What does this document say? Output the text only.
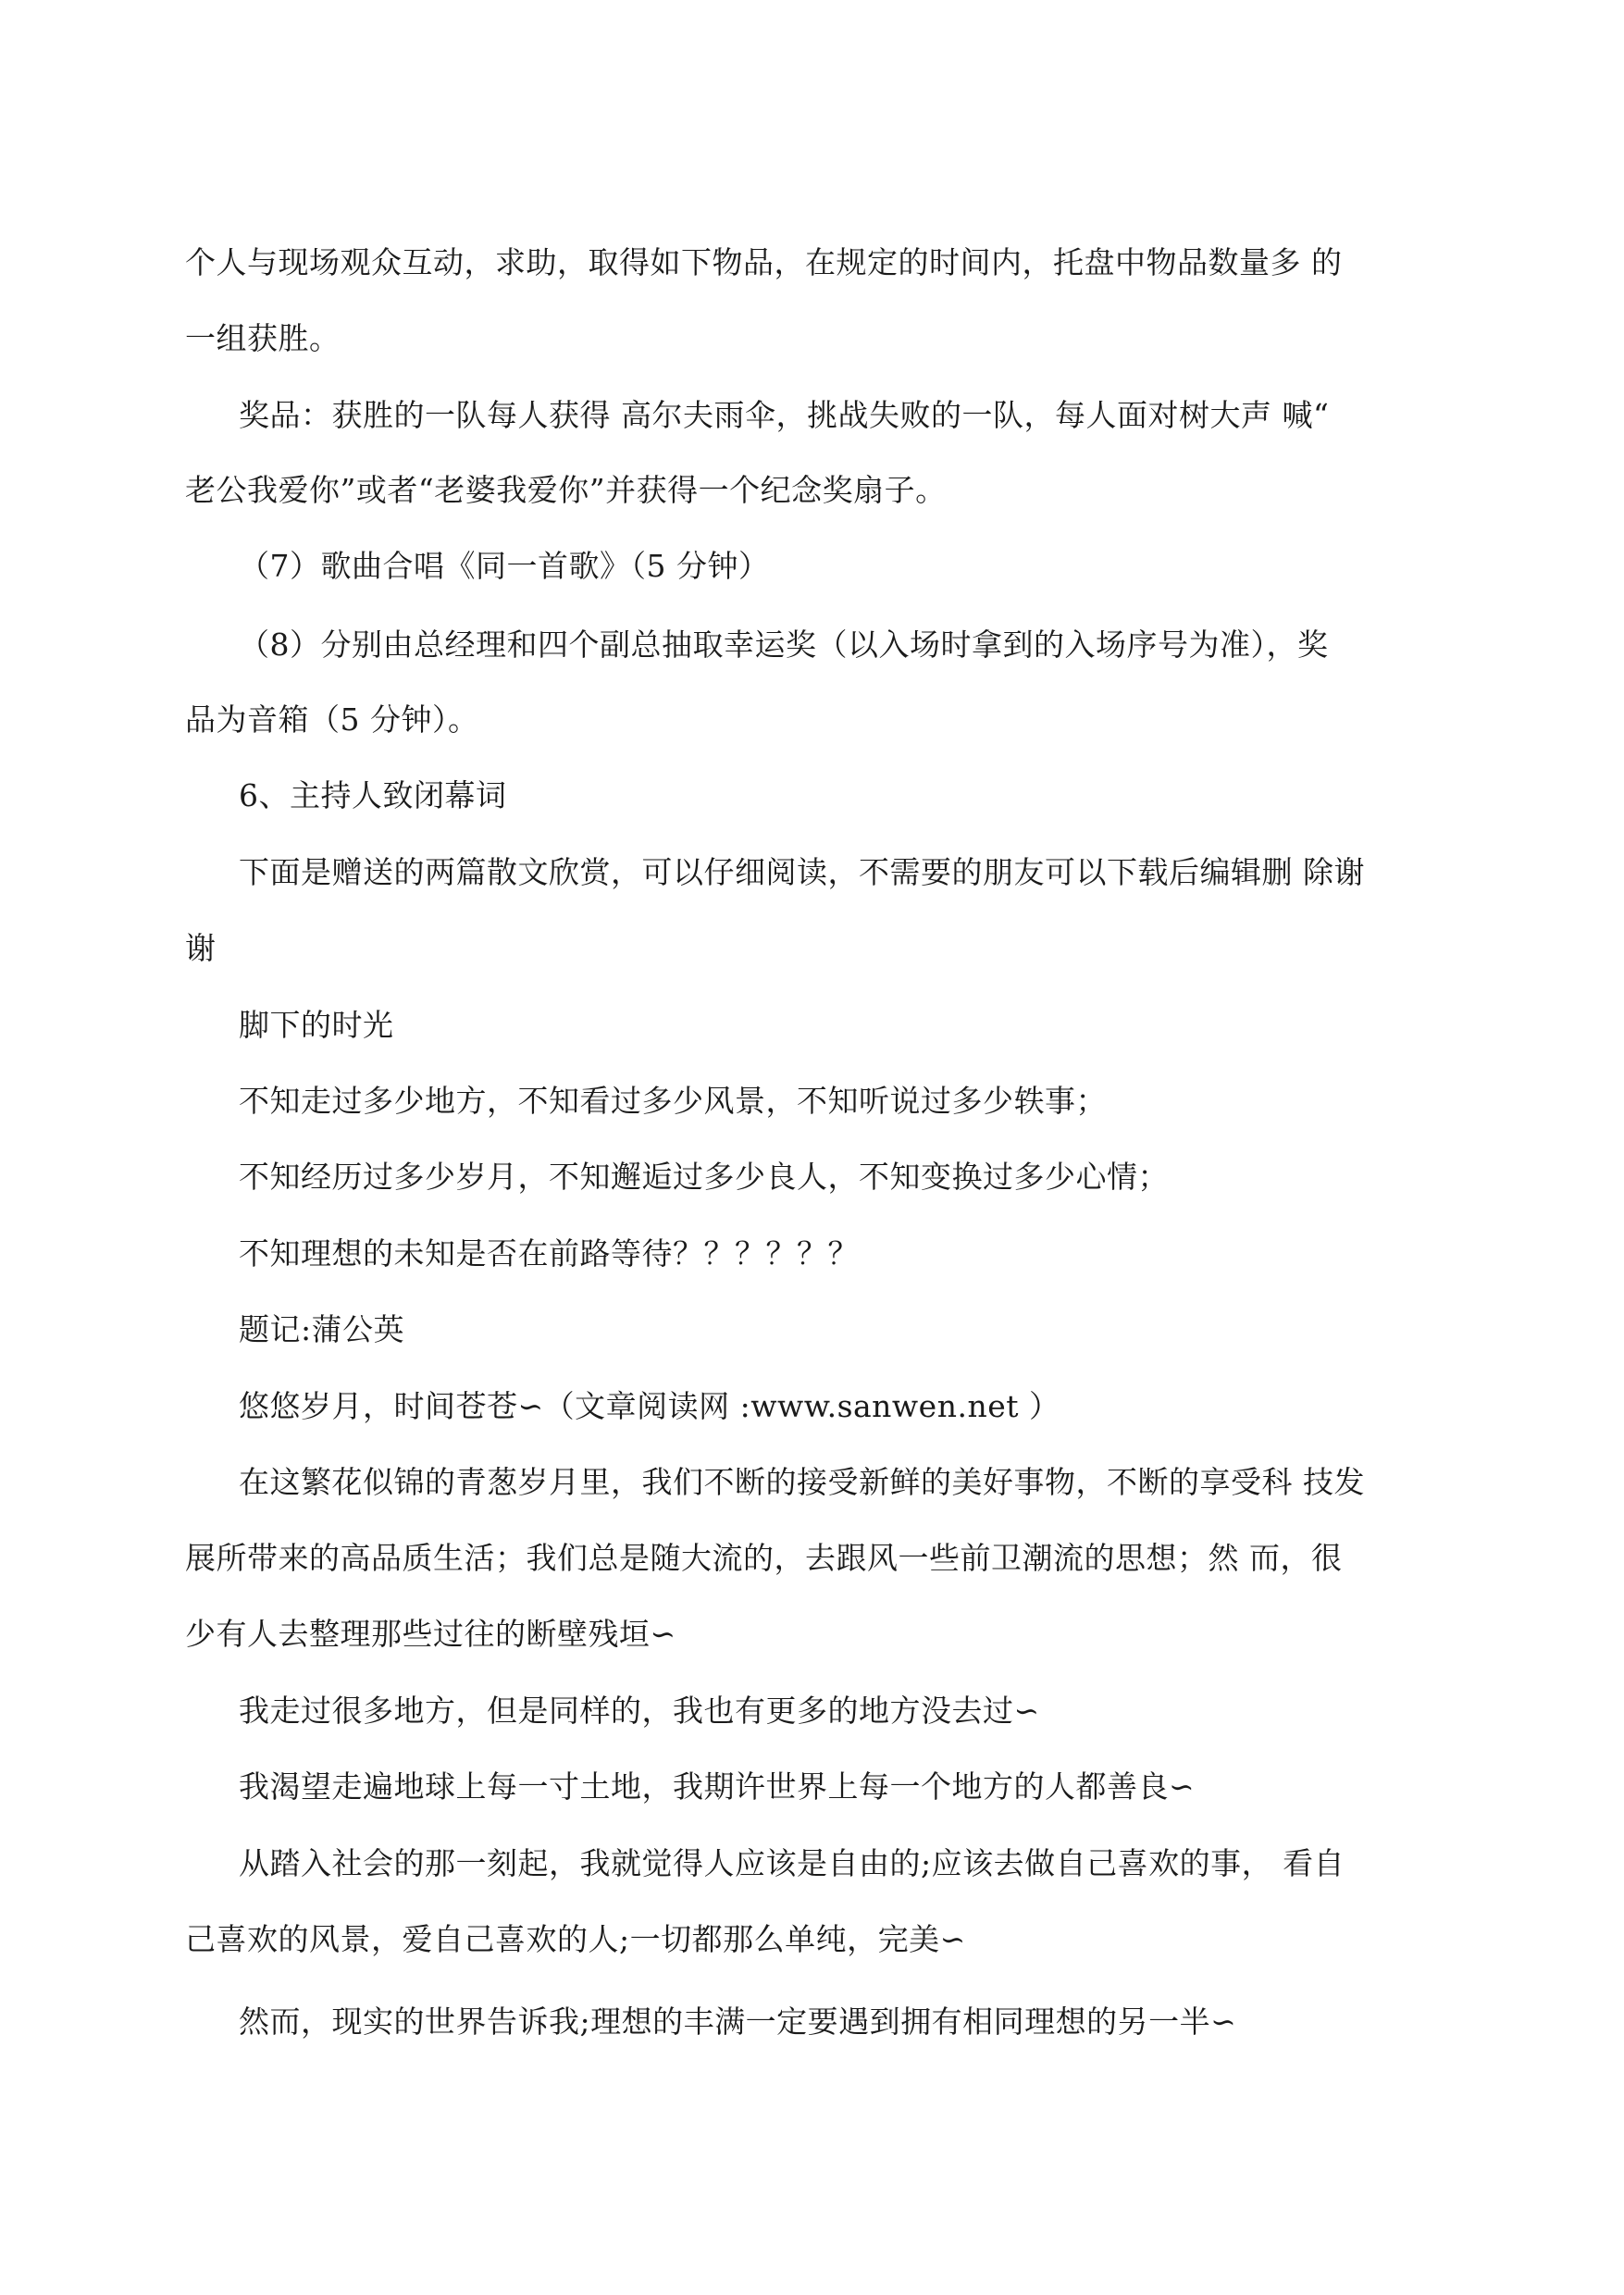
个人与现场观众互动，求助，取得如下物品，在规定的时间内，托盘中物品数量多 的
一组获胜。
奖品：获胜的一队每人获得 高尔夫雨伞，挑战失败的一队，每人面对树大声 喊“
老公我爱你”或者“老婆我爱你”并获得一个纪念奖扇子。
（7）歌曲合唱《同一首歌》（5 分钟）
（8）分别由总经理和四个副总抽取幸运奖（以入场时拿到的入场序号为准），奖
品为音箱（5 分钟）。
6、主持人致闭幕词
下面是赠送的两篇散文欣赏，可以仔细阅读，不需要的朋友可以下载后编辑删 除谢
谢
脚下的时光
不知走过多少地方，不知看过多少风景，不知听说过多少轶事；
不知经历过多少岁月，不知邂逅过多少良人，不知变换过多少心情；
不知理想的未知是否在前路等待？？？？？？
题记:蒲公英
悠悠岁月，时间苍苍∽（文章阅读网 :www.sanwen.net ）
在这繁花似锦的青葱岁月里，我们不断的接受新鲜的美好事物，不断的享受科 技发
展所带来的高品质生活；我们总是随大流的，去跟风一些前卫潮流的思想；然 而，很
少有人去整理那些过往的断壁残垣∽
我走过很多地方，但是同样的，我也有更多的地方没去过∽
我渴望走遍地球上每一寸土地，我期许世界上每一个地方的人都善良∽
从踏入社会的那一刻起，我就觉得人应该是自由的;应该去做自己喜欢的事， 看自
己喜欢的风景，爱自己喜欢的人;一切都那么单纯，完美∽
然而，现实的世界告诉我;理想的丰满一定要遇到拥有相同理想的另一半∽
